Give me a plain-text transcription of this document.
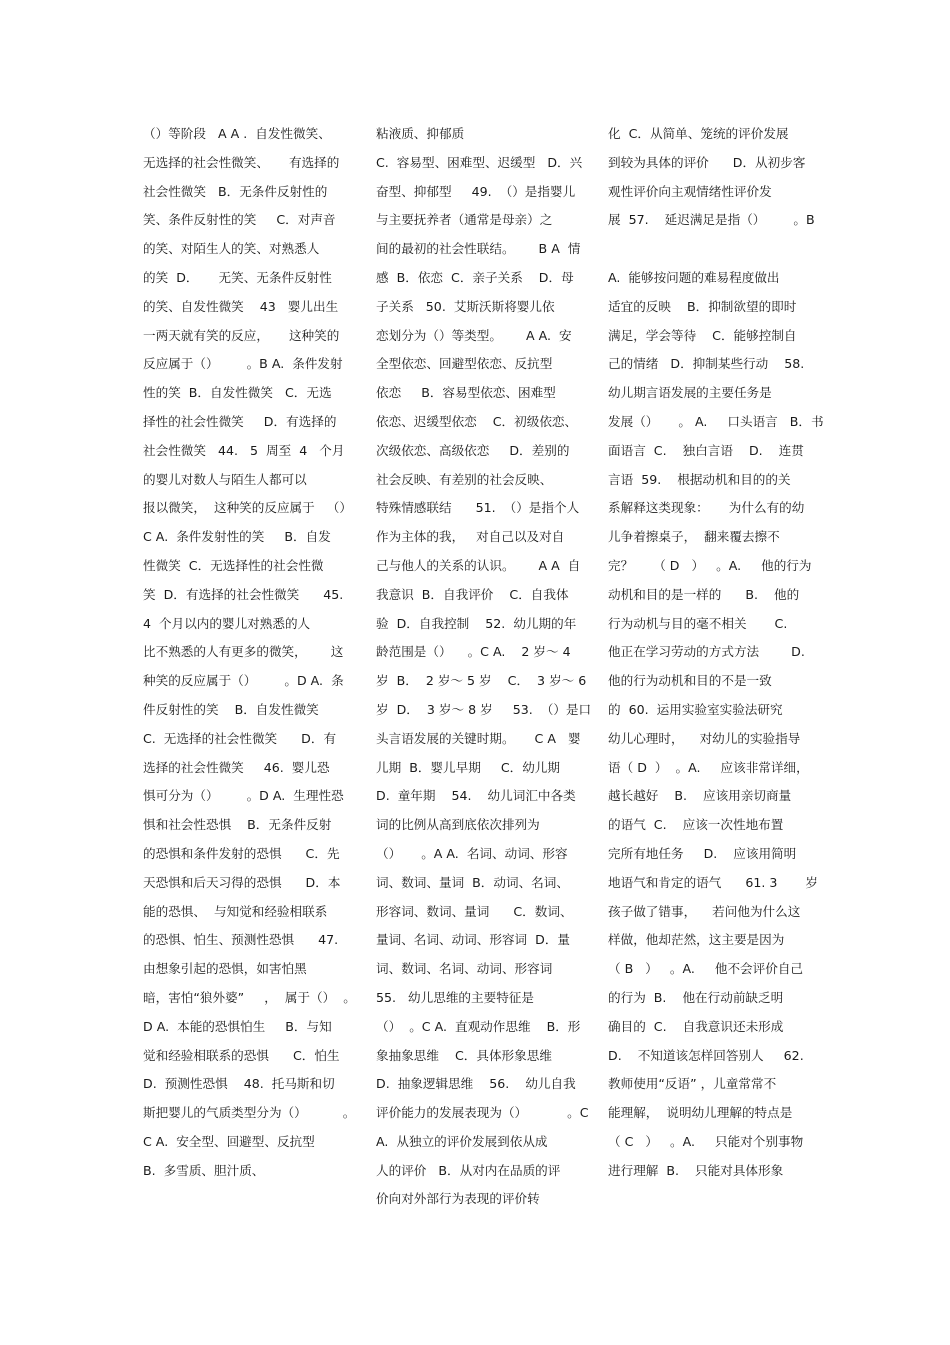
（）等阶段   A A .  自发性微笑、
无选择的社会性微笑、     有选择的
社会性微笑   B．无条件反射性的
笑、条件反射性的笑     C．对声音
的笑、对陌生人的笑、对熟悉人
的笑  D．     无笑、无条件反射性
的笑、自发性微笑    43   婴儿出生
一两天就有笑的反应，     这种笑的
反应属于（）       。B A.  条件发射
性的笑  B．自发性微笑   C．无选
择性的社会性微笑     D．有选择的
社会性微笑   44.   5  周至  4   个月
的婴儿对数人与陌生人都可以
报以微笑，  这种笑的反应属于   （）
C A.  条件发射性的笑     B．自发
性微笑  C．无选择性的社会性微
笑  D．有选择的社会性微笑      45.
4  个月以内的婴儿对熟悉的人
比不熟悉的人有更多的微笑，      这
种笑的反应属于（）       。D A.  条
件反射性的笑    B．自发性微笑
C.  无选择的社会性微笑      D．有
选择的社会性微笑     46.  婴儿恐
惧可分为（）       。D A.  生理性恐
惧和社会性恐惧    B．无条件反射
的恐惧和条件发射的恐惧      C．先
天恐惧和后天习得的恐惧      D．本
能的恐惧、  与知觉和经验相联系
的恐惧、怕生、预测性恐惧      47.
由想象引起的恐惧，如害怕黑
暗，害怕“狼外婆”     ，  属于（）  。
D A.  本能的恐惧怕生     B．与知
觉和经验相联系的恐惧      C．怕生
D.  预测性恐惧    48.  托马斯和切
斯把婴儿的气质类型分为（）         。
C A.  安全型、回避型、反抗型
B.  多雪质、胆汁质、
粘液质、抑郁质
C.  容易型、困难型、迟缓型   D．兴
奋型、抑郁型     49.  （）是指婴儿
与主要抚养者（通常是母亲）之
间的最初的社会性联结。      B A  情
感  B．依恋  C．亲子关系    D．母
子关系   50.  艾斯沃斯将婴儿依
恋划分为（）等类型。      A A.  安
全型依恋、回避型依恋、反抗型
依恋     B．容易型依恋、困难型
依恋、迟缓型依恋    C．初级依恋、
次级依恋、高级依恋     D．差别的
社会反映、有差别的社会反映、
特殊情感联结      51.  （）是指个人
作为主体的我，   对自己以及对自
己与他人的关系的认识。      A A  自
我意识  B．自我评价    C．自我体
验  D．自我控制    52.  幼儿期的年
龄范围是（）    。C A.    2 岁～ 4
岁  B．  2 岁～ 5 岁    C．  3 岁～ 6
岁  D．  3 岁～ 8 岁     53.  （）是口
头言语发展的关键时期。     C A   婴
儿期  B．婴儿早期     C．幼儿期
D.  童年期    54.    幼儿词汇中各类
词的比例从高到底依次排列为
（）     。A A.  名词、动词、形容
词、数词、量词  B．动词、名词、
形容词、数词、量词      C．数词、
量词、名词、动词、形容词  D．量
词、数词、名词、动词、形容词
55.   幼儿思维的主要特征是
（）  。C A.  直观动作思维    B．形
象抽象思维    C．具体形象思维
D.  抽象逻辑思维    56.    幼儿自我
评价能力的发展表现为（）          。C
A.  从独立的评价发展到依从成
人的评价   B．从对内在品质的评
价向对外部行为表现的评价转
化  C．从简单、笼统的评价发展
到较为具体的评价      D．从初步客
观性评价向主观情绪性评价发
展  57.    延迟满足是指（）       。B
A.  能够按问题的难易程度做出
适宜的反映    B．抑制欲望的即时
满足，学会等待    C．能够控制自
己的情绪   D．抑制某些行动    58.
幼儿期言语发展的主要任务是
发展（）     。 A.     口头语言   B．书
面语言  C.    独白言语    D.    连贯
言语  59.    根据动机和目的的关
系解释这类现象：     为什么有的幼
儿争着擦桌子，  翻来覆去擦不
完？     （ D   ）   。A.     他的行为
动机和目的是一样的      B.    他的
行为动机与目的毫不相关       C.
他正在学习劳动的方式方法        D.
他的行为动机和目的不是一致
的  60.  运用实验室实验法研究
幼儿心理时，    对幼儿的实验指导
语（ D  ）  。A.     应该非常详细，
越长越好    B.    应该用亲切商量
的语气  C.    应该一次性地布置
完所有地任务     D.    应该用简明
地语气和肯定的语气      61. 3       岁
孩子做了错事，    若问他为什么这
样做，他却茫然，这主要是因为
（ B   ）   。A.     他不会评价自己
的行为  B.    他在行动前缺乏明
确目的  C.    自我意识还未形成
D.    不知道该怎样回答别人     62.
教师使用“反语” ，儿童常常不
能理解，  说明幼儿理解的特点是
（ C   ）   。A.     只能对个别事物
进行理解  B.    只能对具体形象
